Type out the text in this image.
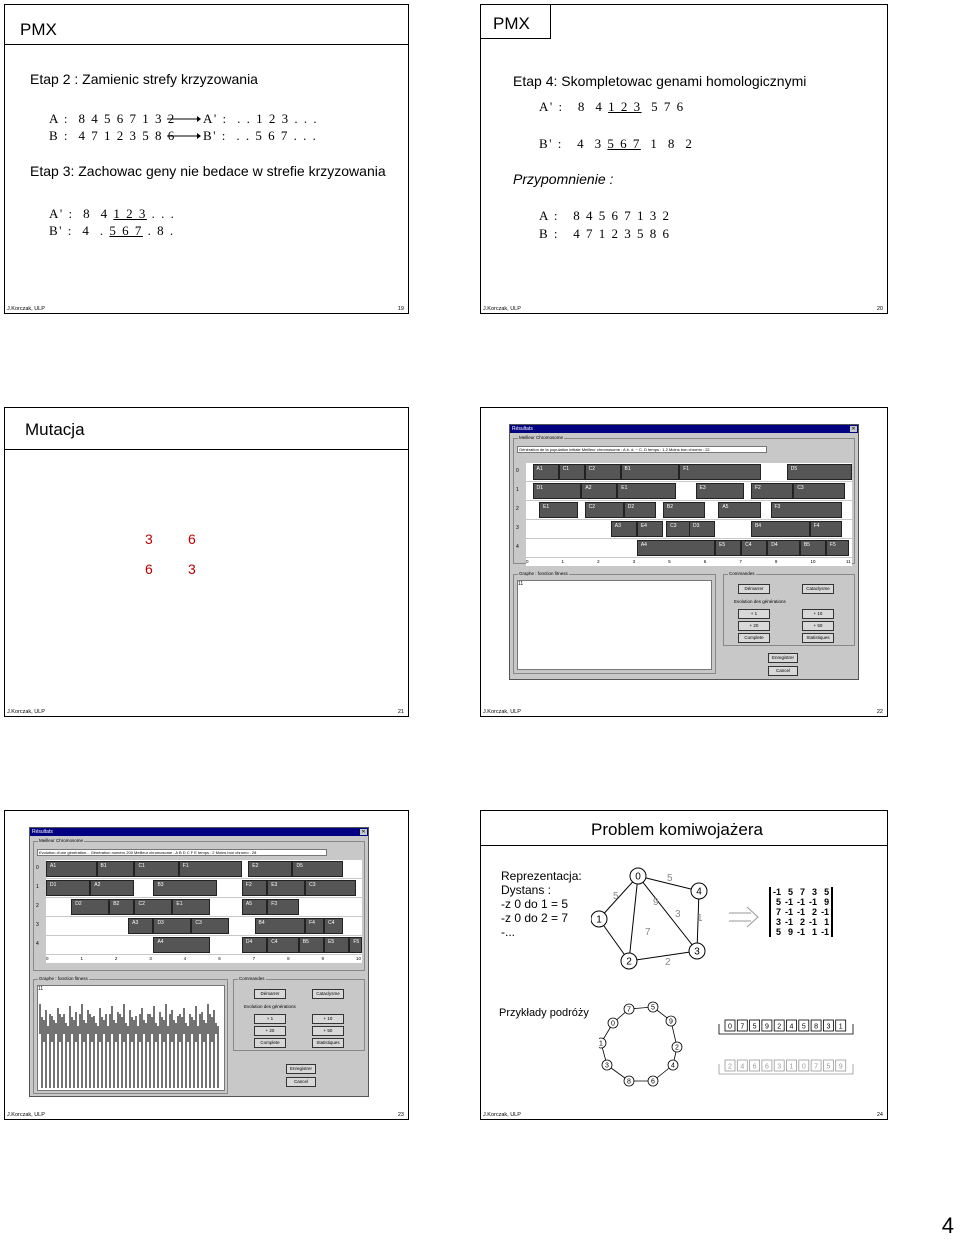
PMX
Etap 2 : Zamienic strefy krzyzowania
A :  8 4 5 6 7 1 3 2
B :  4 7 1 2 3 5 8 6
A' :  . . 1 2 3 . . .
B' :  . . 5 6 7 . . .
Etap 3: Zachowac geny nie bedace w strefie krzyzowania
A' :  8  4 1 2 3 . . .
B' :  4  . 5 6 7 . 8 .
J.Korczak, ULP	19
PMX
Etap 4: Skompletowac genami homologicznymi
A' :   8  4 1 2 3  5 7 6
B' :   4  3 5 6 7  1  8  2
Przypomnienie :
A :   8 4 5 6 7 1 3 2
B :   4 7 1 2 3 5 8 6
J.Korczak, ULP	20
Mutacja
3	6
6	3
J.Korczak, ULP	21
Résultats	✕
Meilleur Chromosome
Génération de la population initiale Meilleur chromosome : A b. d. ~ C. D temps : 1.2 Moins bon chromo : 22
0	A1	C1	C2	B1	F1	D5
1	D1	A2	E1	E3	F2	C3
2	E1	C2	D2	B2	A5	F3
3	A3	E4	C3	D3	B4	F4
4	A4	E5	C4	D4	B5	F5
0	1	2	3	5	6	7	9	10	11
Graphe : fonction fitness
11
Commandes
Démarrer	Cataclysme
Evolution des générations
+ 1	+ 10
+ 20	+ 50
Complete	Statistiques
Enregistrer
Cancel
J.Korczak, ULP	22
Résultats	✕
Meilleur Chromosome
Evolution d'une génération... Génération numéro 200 Meilleur chromosome : A B D C F E temps : 2 Moins bon chromo : 28
0	A1	B1	C1	F1	E2	D5
1	D1	A2	B3	F2	E3	C3
2	D2	B2	C2	E1	A5	F3
3	A3	D3	C3	B4	F4	C4
4	A4	D4	C4	B5	E5	F5
0	1	2	3	4	6	7	8	9	10
Graphe : fonction fitness
11
Commandes
Démarrer	Cataclysme
Evolution des générations
+ 1	+ 10
+ 20	+ 50
Complete	Statistiques
Enregistrer
Cancel
J.Korczak, ULP	23
Problem komiwojażera
Reprezentacja:
Dystans :
-z 0 do 1 = 5
-z 0 do 2 = 7
-...
0
4
1
3
2
5
5
9
3 1
7
2
-1	5	7	3	5
5	-1	-1	-1	9
7	-1	-1	2	-1
3	-1	2	-1	1
5	9	-1	1	-1
Przykłady podróży
0
7	5
9
1
2
3	4
8	6
0 7 5 9 2 4 5 8 3 1
2 4 6 6 3 1 0 7 5 9
J.Korczak, ULP	24
4
